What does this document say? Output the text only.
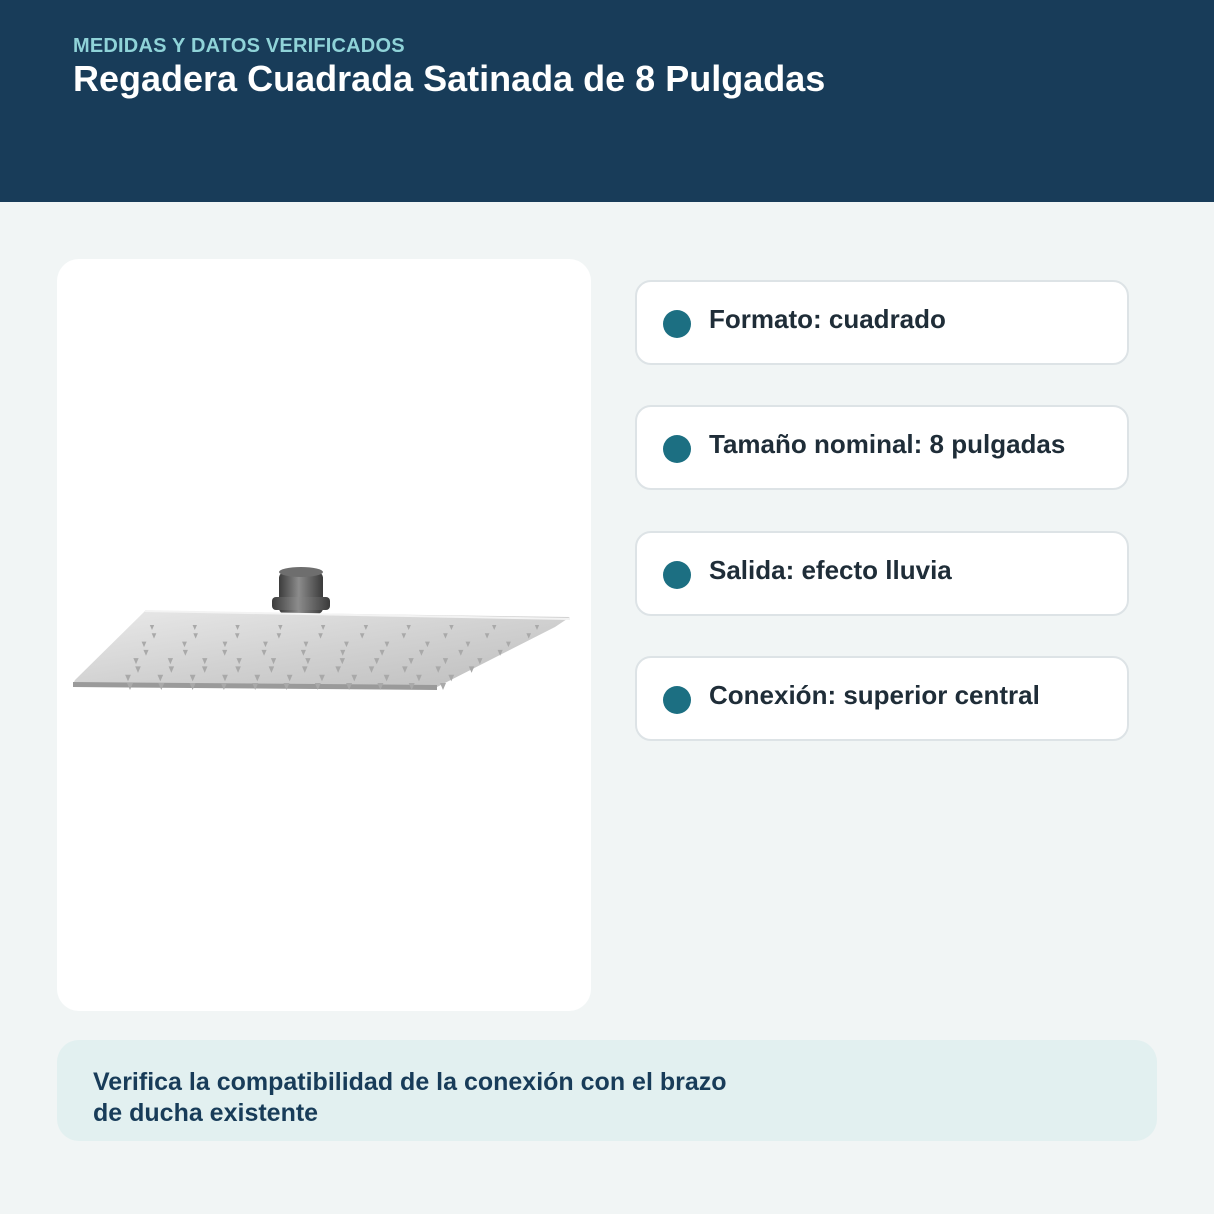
MEDIDAS Y DATOS VERIFICADOS
Regadera Cuadrada Satinada de 8 Pulgadas
Formato: cuadrado
Tamaño nominal: 8 pulgadas
Salida: efecto lluvia
Conexión: superior central

Verifica la compatibilidad de la conexión con el brazo de ducha existente
